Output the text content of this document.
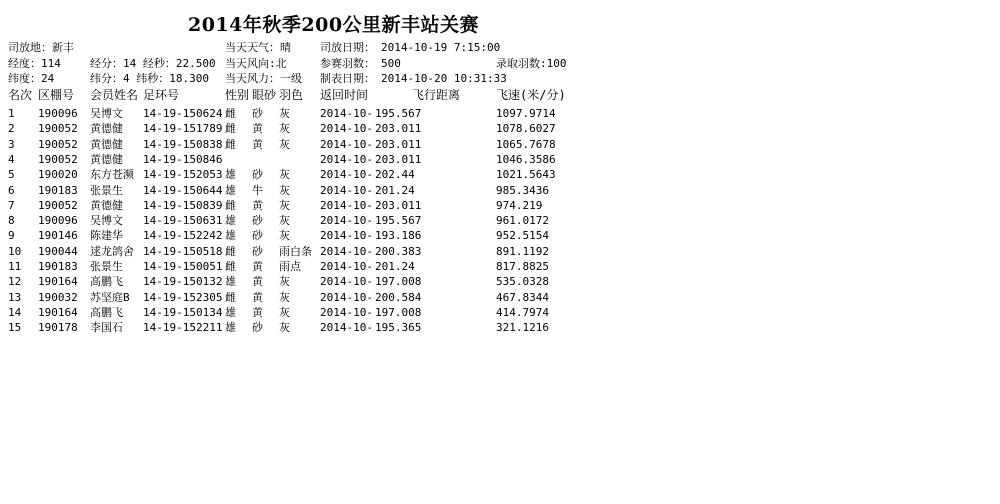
2014年秋季200公里新丰站关赛
司放地：新丰	当天天气：晴	司放日期： 2014-10-19 7:15:00
经度：114	经分：14 经秒：22.500 当天风向:北	参赛羽数： 500	录取羽数:100
纬度：24	纬分：4 纬秒：18.300 当天风力：一级 制表日期： 2014-10-20 10:31:33
名次 区棚号 会员姓名 足环号	性别 眼砂 羽色 返回时间	飞行距离	飞速(米/分)
1 190096 吴博文 14-19-150624 雌 砂 灰	2014-10- 195.567	1097.9714
2 190052 黄德健 14-19-151789 雌 黄 灰	2014-10- 203.011	1078.6027
3 190052 黄德健 14-19-150838 雌 黄 灰	2014-10- 203.011	1065.7678
4 190052 黄德健 14-19-150846	2014-10- 203.011	1046.3586
5 190020 东方苍濒 14-19-152053 雄 砂 灰	2014-10- 202.44	1021.5643
6 190183 张景生 14-19-150644 雄 牛 灰	2014-10- 201.24	985.3436
7 190052 黄德健 14-19-150839 雌 黄 灰	2014-10- 203.011	974.219
8 190096 吴博文 14-19-150631 雄 砂 灰	2014-10- 195.567	961.0172
9 190146 陈建华 14-19-152242 雄 砂 灰	2014-10- 193.186	952.5154
10 190044 逑龙鸽舍 14-19-150518 雌 砂 雨白条 2014-10- 200.383	891.1192
11 190183 张景生 14-19-150051 雌 黄 雨点 2014-10- 201.24	817.8825
12 190164 高鹏飞 14-19-150132 雄 黄 灰	2014-10- 197.008	535.0328
13 190032 苏坚庭B 14-19-152305 雌 黄 灰	2014-10- 200.584	467.8344
14 190164 高鹏飞 14-19-150134 雄 黄 灰	2014-10- 197.008	414.7974
15 190178 李国石 14-19-152211 雄 砂 灰	2014-10- 195.365	321.1216
